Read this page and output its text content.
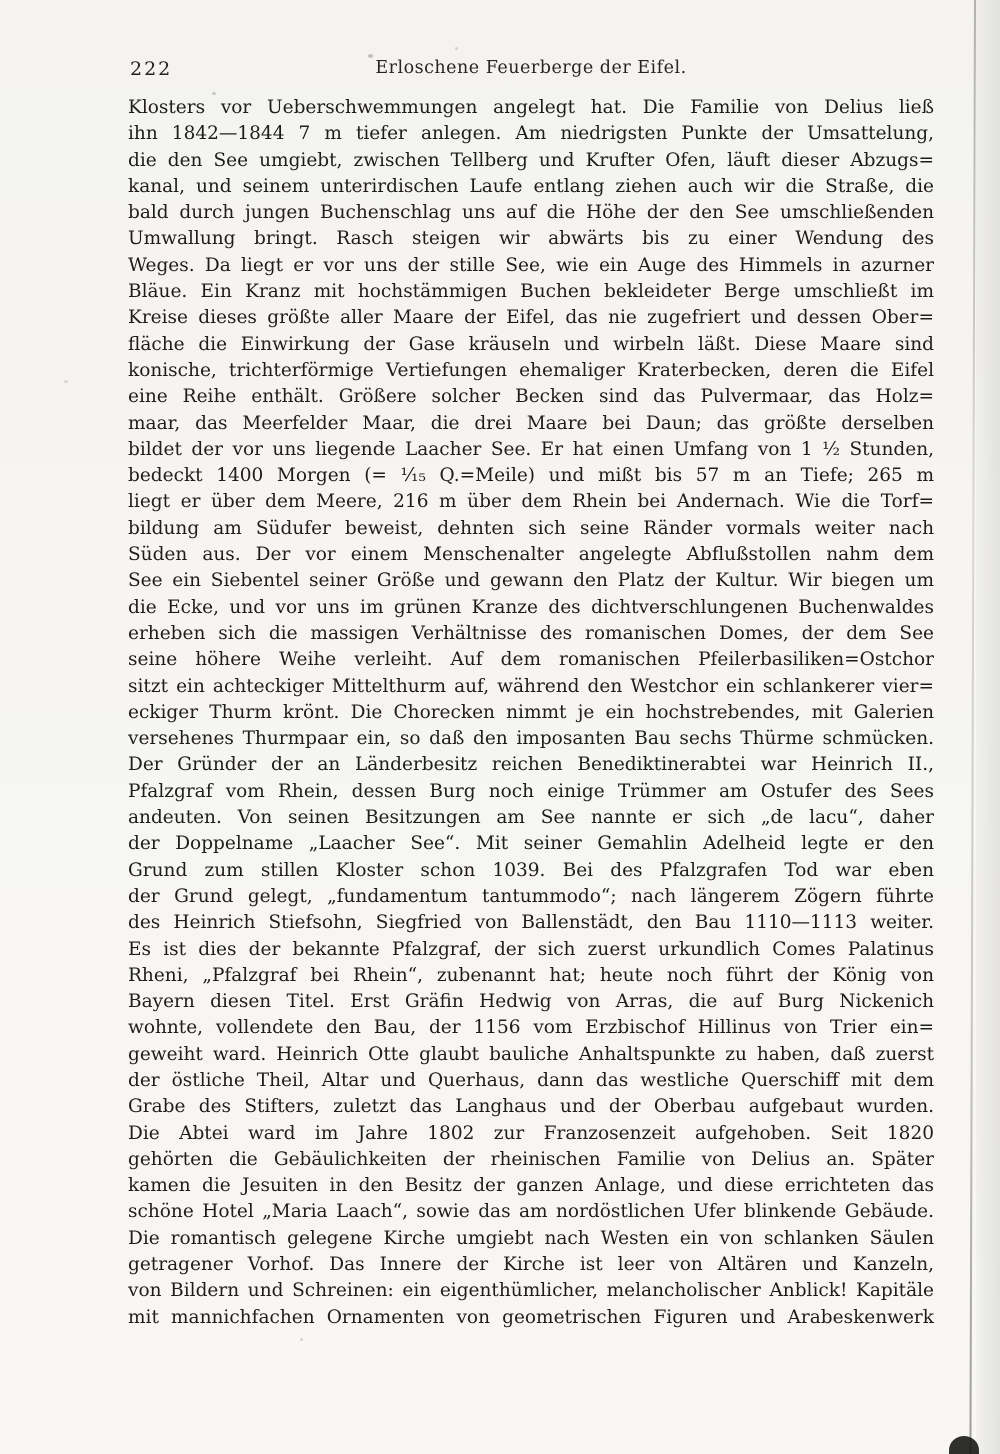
222	Erloschene Feuerberge der Eifel.
Klosters vor Ueberschwemmungen angelegt hat. Die Familie von Delius ließ
ihn 1842—1844 7 m tiefer anlegen. Am niedrigsten Punkte der Umsattelung,
die den See umgiebt, zwischen Tellberg und Krufter Ofen, läuft dieser Abzugs=
kanal, und seinem unterirdischen Laufe entlang ziehen auch wir die Straße, die
bald durch jungen Buchenschlag uns auf die Höhe der den See umschließenden
Umwallung bringt. Rasch steigen wir abwärts bis zu einer Wendung des
Weges. Da liegt er vor uns der stille See, wie ein Auge des Himmels in azurner
Bläue. Ein Kranz mit hochstämmigen Buchen bekleideter Berge umschließt im
Kreise dieses größte aller Maare der Eifel, das nie zugefriert und dessen Ober=
fläche die Einwirkung der Gase kräuseln und wirbeln läßt. Diese Maare sind
konische, trichterförmige Vertiefungen ehemaliger Kraterbecken, deren die Eifel
eine Reihe enthält. Größere solcher Becken sind das Pulvermaar, das Holz=
maar, das Meerfelder Maar, die drei Maare bei Daun; das größte derselben
bildet der vor uns liegende Laacher See. Er hat einen Umfang von 1 ¹⁄₂ Stunden,
bedeckt 1400 Morgen (= ¹⁄₁₅ Q.=Meile) und mißt bis 57 m an Tiefe; 265 m
liegt er über dem Meere, 216 m über dem Rhein bei Andernach. Wie die Torf=
bildung am Südufer beweist, dehnten sich seine Ränder vormals weiter nach
Süden aus. Der vor einem Menschenalter angelegte Abflußstollen nahm dem
See ein Siebentel seiner Größe und gewann den Platz der Kultur. Wir biegen um
die Ecke, und vor uns im grünen Kranze des dichtverschlungenen Buchenwaldes
erheben sich die massigen Verhältnisse des romanischen Domes, der dem See
seine höhere Weihe verleiht. Auf dem romanischen Pfeilerbasiliken=Ostchor
sitzt ein achteckiger Mittelthurm auf, während den Westchor ein schlankerer vier=
eckiger Thurm krönt. Die Chorecken nimmt je ein hochstrebendes, mit Galerien
versehenes Thurmpaar ein, so daß den imposanten Bau sechs Thürme schmücken.
Der Gründer der an Länderbesitz reichen Benediktinerabtei war Heinrich II.,
Pfalzgraf vom Rhein, dessen Burg noch einige Trümmer am Ostufer des Sees
andeuten. Von seinen Besitzungen am See nannte er sich „de lacu“, daher
der Doppelname „Laacher See“. Mit seiner Gemahlin Adelheid legte er den
Grund zum stillen Kloster schon 1039. Bei des Pfalzgrafen Tod war eben
der Grund gelegt, „fundamentum tantummodo“; nach längerem Zögern führte
des Heinrich Stiefsohn, Siegfried von Ballenstädt, den Bau 1110—1113 weiter.
Es ist dies der bekannte Pfalzgraf, der sich zuerst urkundlich Comes Palatinus
Rheni, „Pfalzgraf bei Rhein“, zubenannt hat; heute noch führt der König von
Bayern diesen Titel. Erst Gräfin Hedwig von Arras, die auf Burg Nickenich
wohnte, vollendete den Bau, der 1156 vom Erzbischof Hillinus von Trier ein=
geweiht ward. Heinrich Otte glaubt bauliche Anhaltspunkte zu haben, daß zuerst
der östliche Theil, Altar und Querhaus, dann das westliche Querschiff mit dem
Grabe des Stifters, zuletzt das Langhaus und der Oberbau aufgebaut wurden.
Die Abtei ward im Jahre 1802 zur Franzosenzeit aufgehoben. Seit 1820
gehörten die Gebäulichkeiten der rheinischen Familie von Delius an. Später
kamen die Jesuiten in den Besitz der ganzen Anlage, und diese errichteten das
schöne Hotel „Maria Laach“, sowie das am nordöstlichen Ufer blinkende Gebäude.
Die romantisch gelegene Kirche umgiebt nach Westen ein von schlanken Säulen
getragener Vorhof. Das Innere der Kirche ist leer von Altären und Kanzeln,
von Bildern und Schreinen: ein eigenthümlicher, melancholischer Anblick! Kapitäle
mit mannichfachen Ornamenten von geometrischen Figuren und Arabeskenwerk
